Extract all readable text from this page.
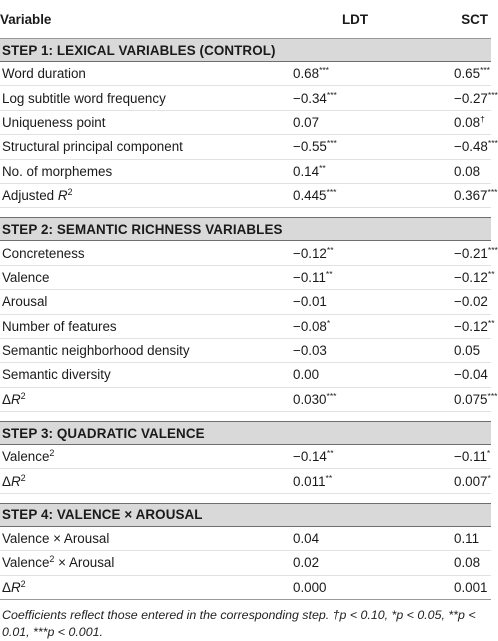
Variable	LDT	SCT
STEP 1: LEXICAL VARIABLES (CONTROL)		
Word duration	0.68***	0.65***
Log subtitle word frequency	−0.34***	−0.27***
Uniqueness point	0.07	0.08†
Structural principal component	−0.55***	−0.48***
No. of morphemes	0.14**	0.08
Adjusted $R^2$	0.445***	0.367***

STEP 2: SEMANTIC RICHNESS VARIABLES		
Concreteness	−0.12**	−0.21***
Valence	−0.11**	−0.12**
Arousal	−0.01	−0.02
Number of features	−0.08*	−0.12**
Semantic neighborhood density	−0.03	0.05
Semantic diversity	0.00	−0.04
$\Delta R^2$	0.030***	0.075***

STEP 3: QUADRATIC VALENCE		
Valence$^2$	−0.14**	−0.11*
$\Delta R^2$	0.011**	0.007*

STEP 4: VALENCE × AROUSAL		
Valence × Arousal	0.04	0.11
Valence$^2$ × Arousal	0.02	0.08
$\Delta R^2$	0.000	0.001
Coefficients reflect those entered in the corresponding step. †p < 0.10, *p < 0.05, **p < 0.01, ***p < 0.001.
